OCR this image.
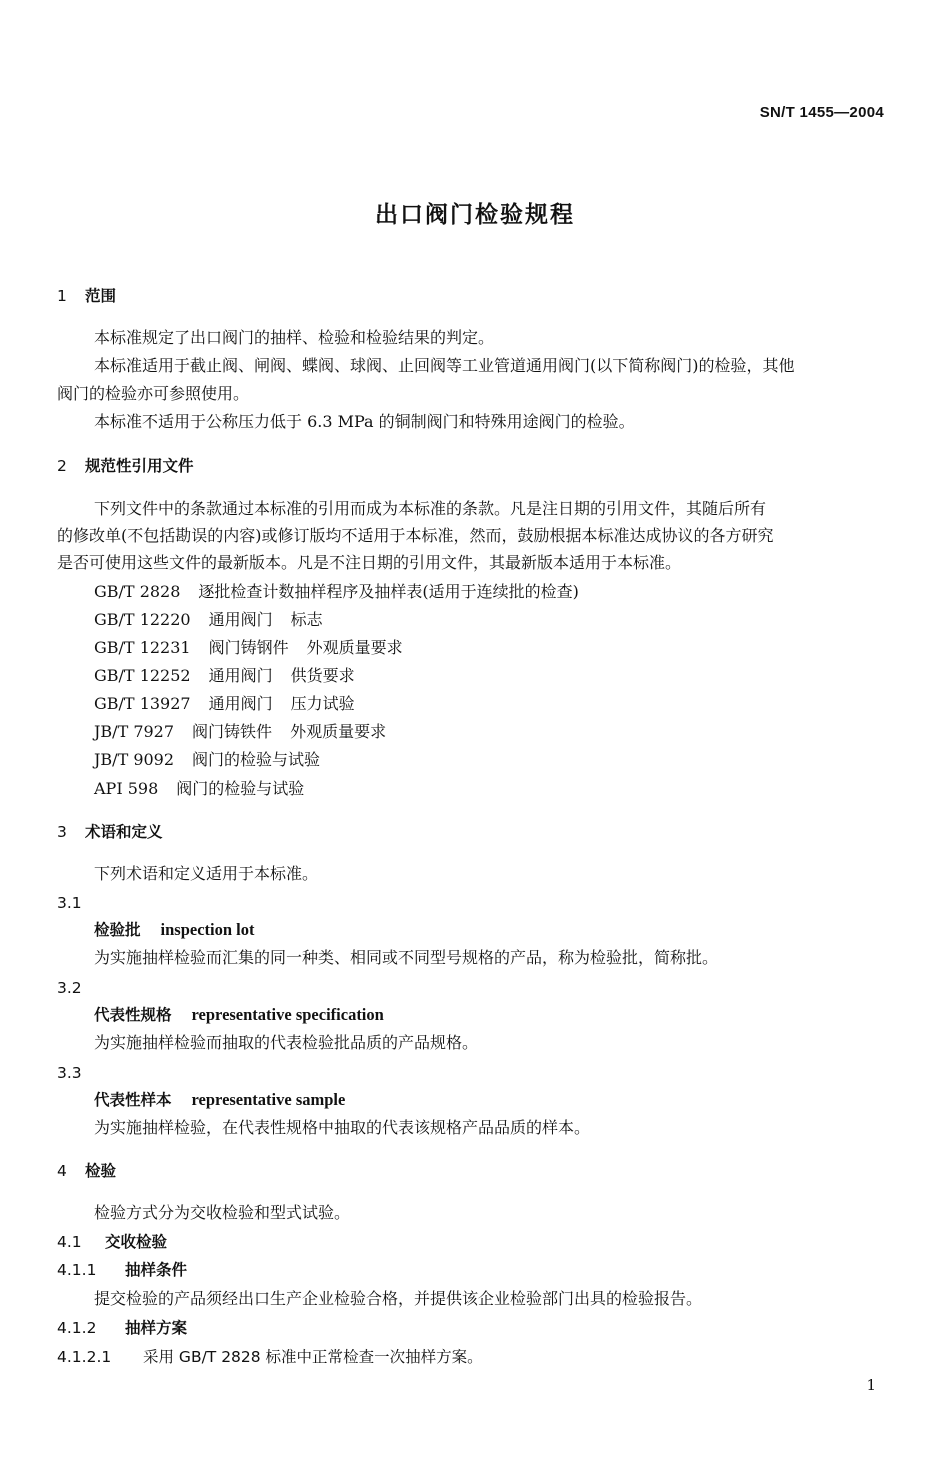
SN/T 1455—2004
出口阀门检验规程
1 范围
本标准规定了出口阀门的抽样、检验和检验结果的判定。
本标准适用于截止阀、闸阀、蝶阀、球阀、止回阀等工业管道通用阀门(以下简称阀门)的检验，其他
阀门的检验亦可参照使用。
本标准不适用于公称压力低于 6.3 MPa 的铜制阀门和特殊用途阀门的检验。
2 规范性引用文件
下列文件中的条款通过本标准的引用而成为本标准的条款。凡是注日期的引用文件，其随后所有
的修改单(不包括勘误的内容)或修订版均不适用于本标准，然而，鼓励根据本标准达成协议的各方研究
是否可使用这些文件的最新版本。凡是不注日期的引用文件，其最新版本适用于本标准。
GB/T 2828 逐批检查计数抽样程序及抽样表(适用于连续批的检查)
GB/T 12220 通用阀门 标志
GB/T 12231 阀门铸钢件 外观质量要求
GB/T 12252 通用阀门 供货要求
GB/T 13927 通用阀门 压力试验
JB/T 7927 阀门铸铁件 外观质量要求
JB/T 9092 阀门的检验与试验
API 598 阀门的检验与试验
3 术语和定义
下列术语和定义适用于本标准。
3.1
检验批 inspection lot
为实施抽样检验而汇集的同一种类、相同或不同型号规格的产品，称为检验批，简称批。
3.2
代表性规格 representative specification
为实施抽样检验而抽取的代表检验批品质的产品规格。
3.3
代表性样本 representative sample
为实施抽样检验，在代表性规格中抽取的代表该规格产品品质的样本。
4 检验
检验方式分为交收检验和型式试验。
4.1 交收检验
4.1.1 抽样条件
提交检验的产品须经出口生产企业检验合格，并提供该企业检验部门出具的检验报告。
4.1.2 抽样方案
4.1.2.1 采用 GB/T 2828 标准中正常检查一次抽样方案。
1
